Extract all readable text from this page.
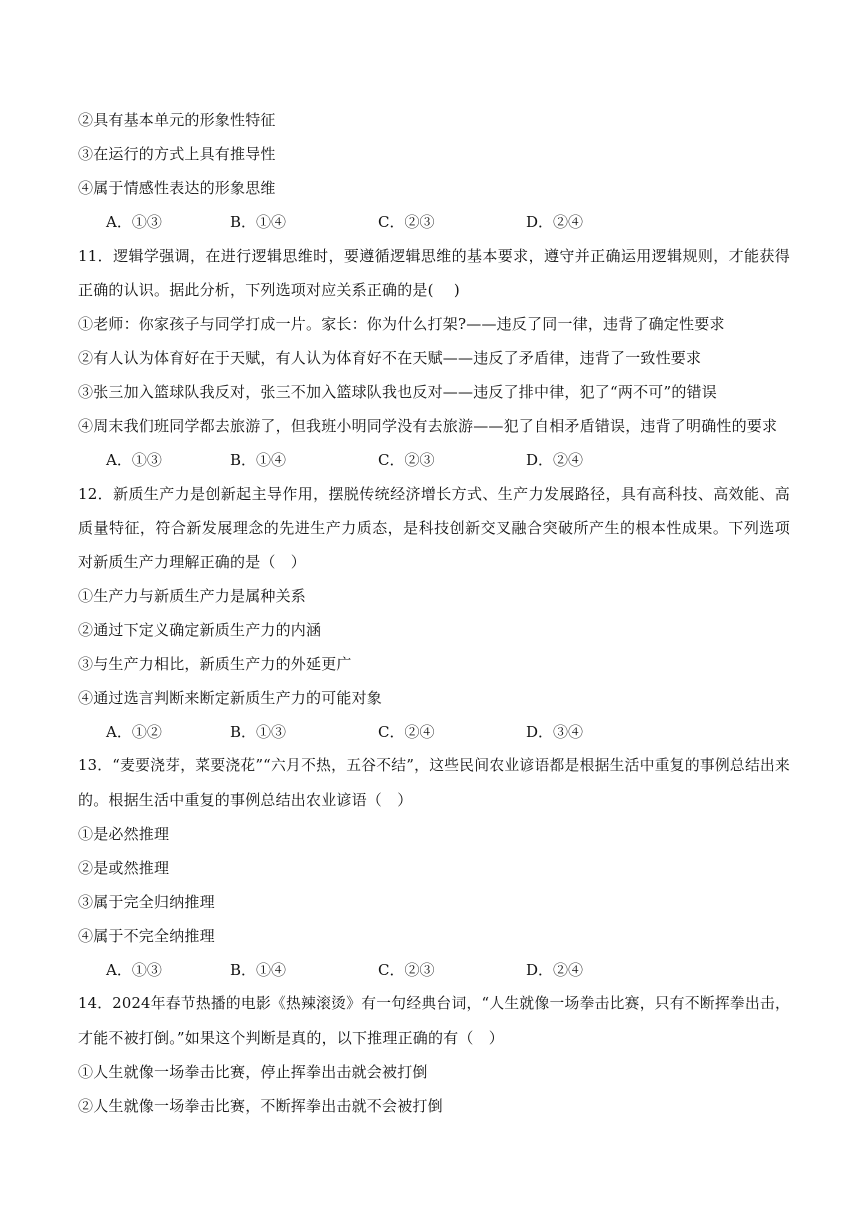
②具有基本单元的形象性特征
③在运行的方式上具有推导性
④属于情感性表达的形象思维
A．①③	B．①④	C．②③	D．②④
11．逻辑学强调，在进行逻辑思维时，要遵循逻辑思维的基本要求，遵守并正确运用逻辑规则，才能获得
正确的认识。据此分析，下列选项对应关系正确的是(　 )
①老师：你家孩子与同学打成一片。家长：你为什么打架?——违反了同一律，违背了确定性要求
②有人认为体育好在于天赋，有人认为体育好不在天赋——违反了矛盾律，违背了一致性要求
③张三加入篮球队我反对，张三不加入篮球队我也反对——违反了排中律，犯了“两不可”的错误
④周末我们班同学都去旅游了，但我班小明同学没有去旅游——犯了自相矛盾错误，违背了明确性的要求
A．①③	B．①④	C．②③	D．②④
12．新质生产力是创新起主导作用，摆脱传统经济增长方式、生产力发展路径，具有高科技、高效能、高
质量特征，符合新发展理念的先进生产力质态，是科技创新交叉融合突破所产生的根本性成果。下列选项
对新质生产力理解正确的是（　）
①生产力与新质生产力是属种关系
②通过下定义确定新质生产力的内涵
③与生产力相比，新质生产力的外延更广
④通过选言判断来断定新质生产力的可能对象
A．①②	B．①③	C．②④	D．③④
13．“麦要浇芽，菜要浇花”“六月不热，五谷不结”，这些民间农业谚语都是根据生活中重复的事例总结出来
的。根据生活中重复的事例总结出农业谚语（　）
①是必然推理
②是或然推理
③属于完全归纳推理
④属于不完全纳推理
A．①③	B．①④	C．②③	D．②④
14．2024年春节热播的电影《热辣滚烫》有一句经典台词，“人生就像一场拳击比赛，只有不断挥拳出击，
才能不被打倒。”如果这个判断是真的，以下推理正确的有（　）
①人生就像一场拳击比赛，停止挥拳出击就会被打倒
②人生就像一场拳击比赛，不断挥拳出击就不会被打倒
